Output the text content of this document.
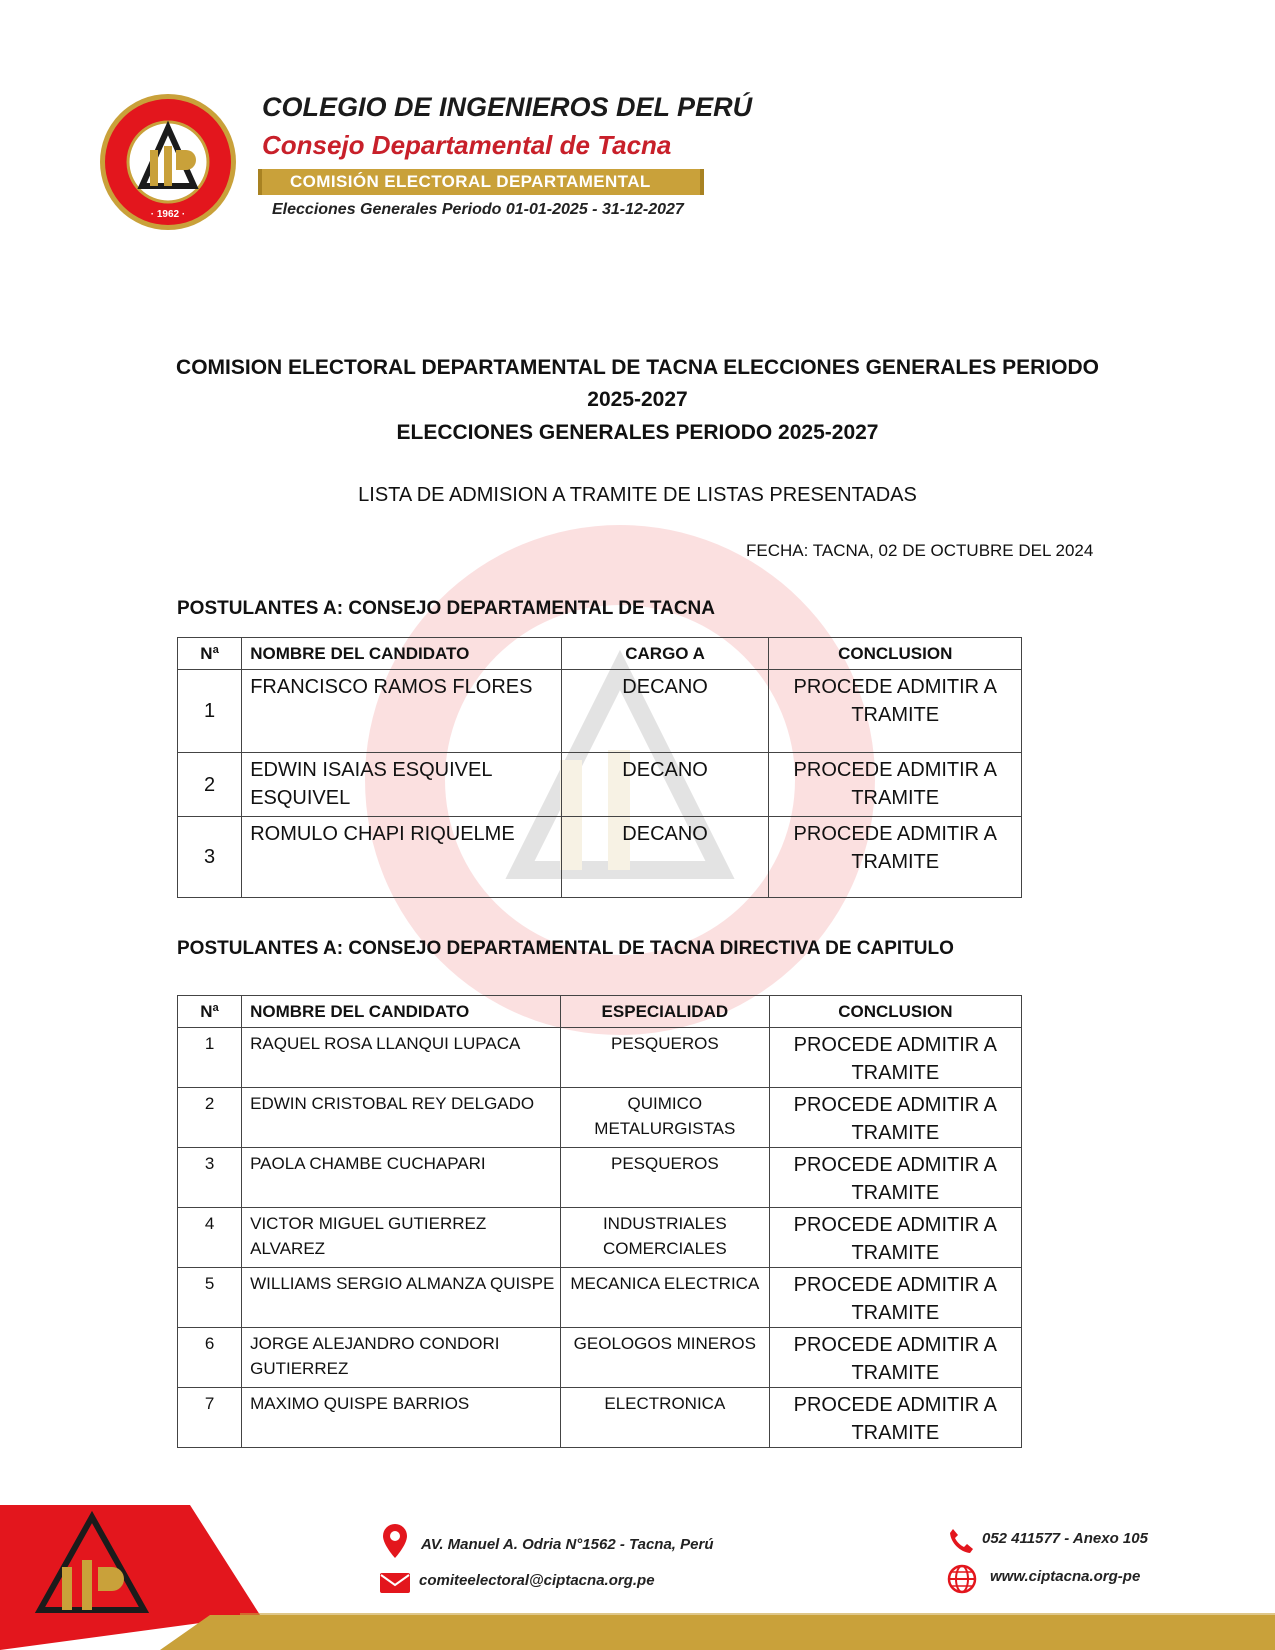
· 1962 ·
COLEGIO DE INGENIEROS DEL PERÚ
Consejo Departamental de Tacna
COMISIÓN ELECTORAL DEPARTAMENTAL
Elecciones Generales Periodo 01-01-2025 - 31-12-2027
COMISION ELECTORAL DEPARTAMENTAL DE TACNA ELECCIONES GENERALES PERIODO
2025-2027
ELECCIONES GENERALES PERIODO 2025-2027
LISTA DE ADMISION A TRAMITE DE LISTAS PRESENTADAS
FECHA: TACNA, 02 DE OCTUBRE DEL 2024
POSTULANTES A: CONSEJO DEPARTAMENTAL DE TACNA
Nª	NOMBRE DEL CANDIDATO	CARGO A	CONCLUSION
1	FRANCISCO RAMOS FLORES	DECANO	PROCEDE ADMITIR A TRAMITE
2	EDWIN ISAIAS ESQUIVEL ESQUIVEL	DECANO	PROCEDE ADMITIR A TRAMITE
3	ROMULO CHAPI RIQUELME	DECANO	PROCEDE ADMITIR A TRAMITE
POSTULANTES A: CONSEJO DEPARTAMENTAL DE TACNA DIRECTIVA DE CAPITULO
Nª	NOMBRE DEL CANDIDATO	ESPECIALIDAD	CONCLUSION
1	RAQUEL ROSA LLANQUI LUPACA	PESQUEROS	PROCEDE ADMITIR A TRAMITE
2	EDWIN CRISTOBAL REY DELGADO	QUIMICO METALURGISTAS	PROCEDE ADMITIR A TRAMITE
3	PAOLA CHAMBE CUCHAPARI	PESQUEROS	PROCEDE ADMITIR A TRAMITE
4	VICTOR MIGUEL GUTIERREZ ALVAREZ	INDUSTRIALES COMERCIALES	PROCEDE ADMITIR A TRAMITE
5	WILLIAMS SERGIO ALMANZA QUISPE	MECANICA ELECTRICA	PROCEDE ADMITIR A TRAMITE
6	JORGE ALEJANDRO CONDORI GUTIERREZ	GEOLOGOS MINEROS	PROCEDE ADMITIR A TRAMITE
7	MAXIMO QUISPE BARRIOS	ELECTRONICA	PROCEDE ADMITIR A TRAMITE
AV. Manuel A. Odria N°1562 - Tacna, Perú
comiteelectoral@ciptacna.org.pe
052 411577 - Anexo 105
www.ciptacna.org-pe
